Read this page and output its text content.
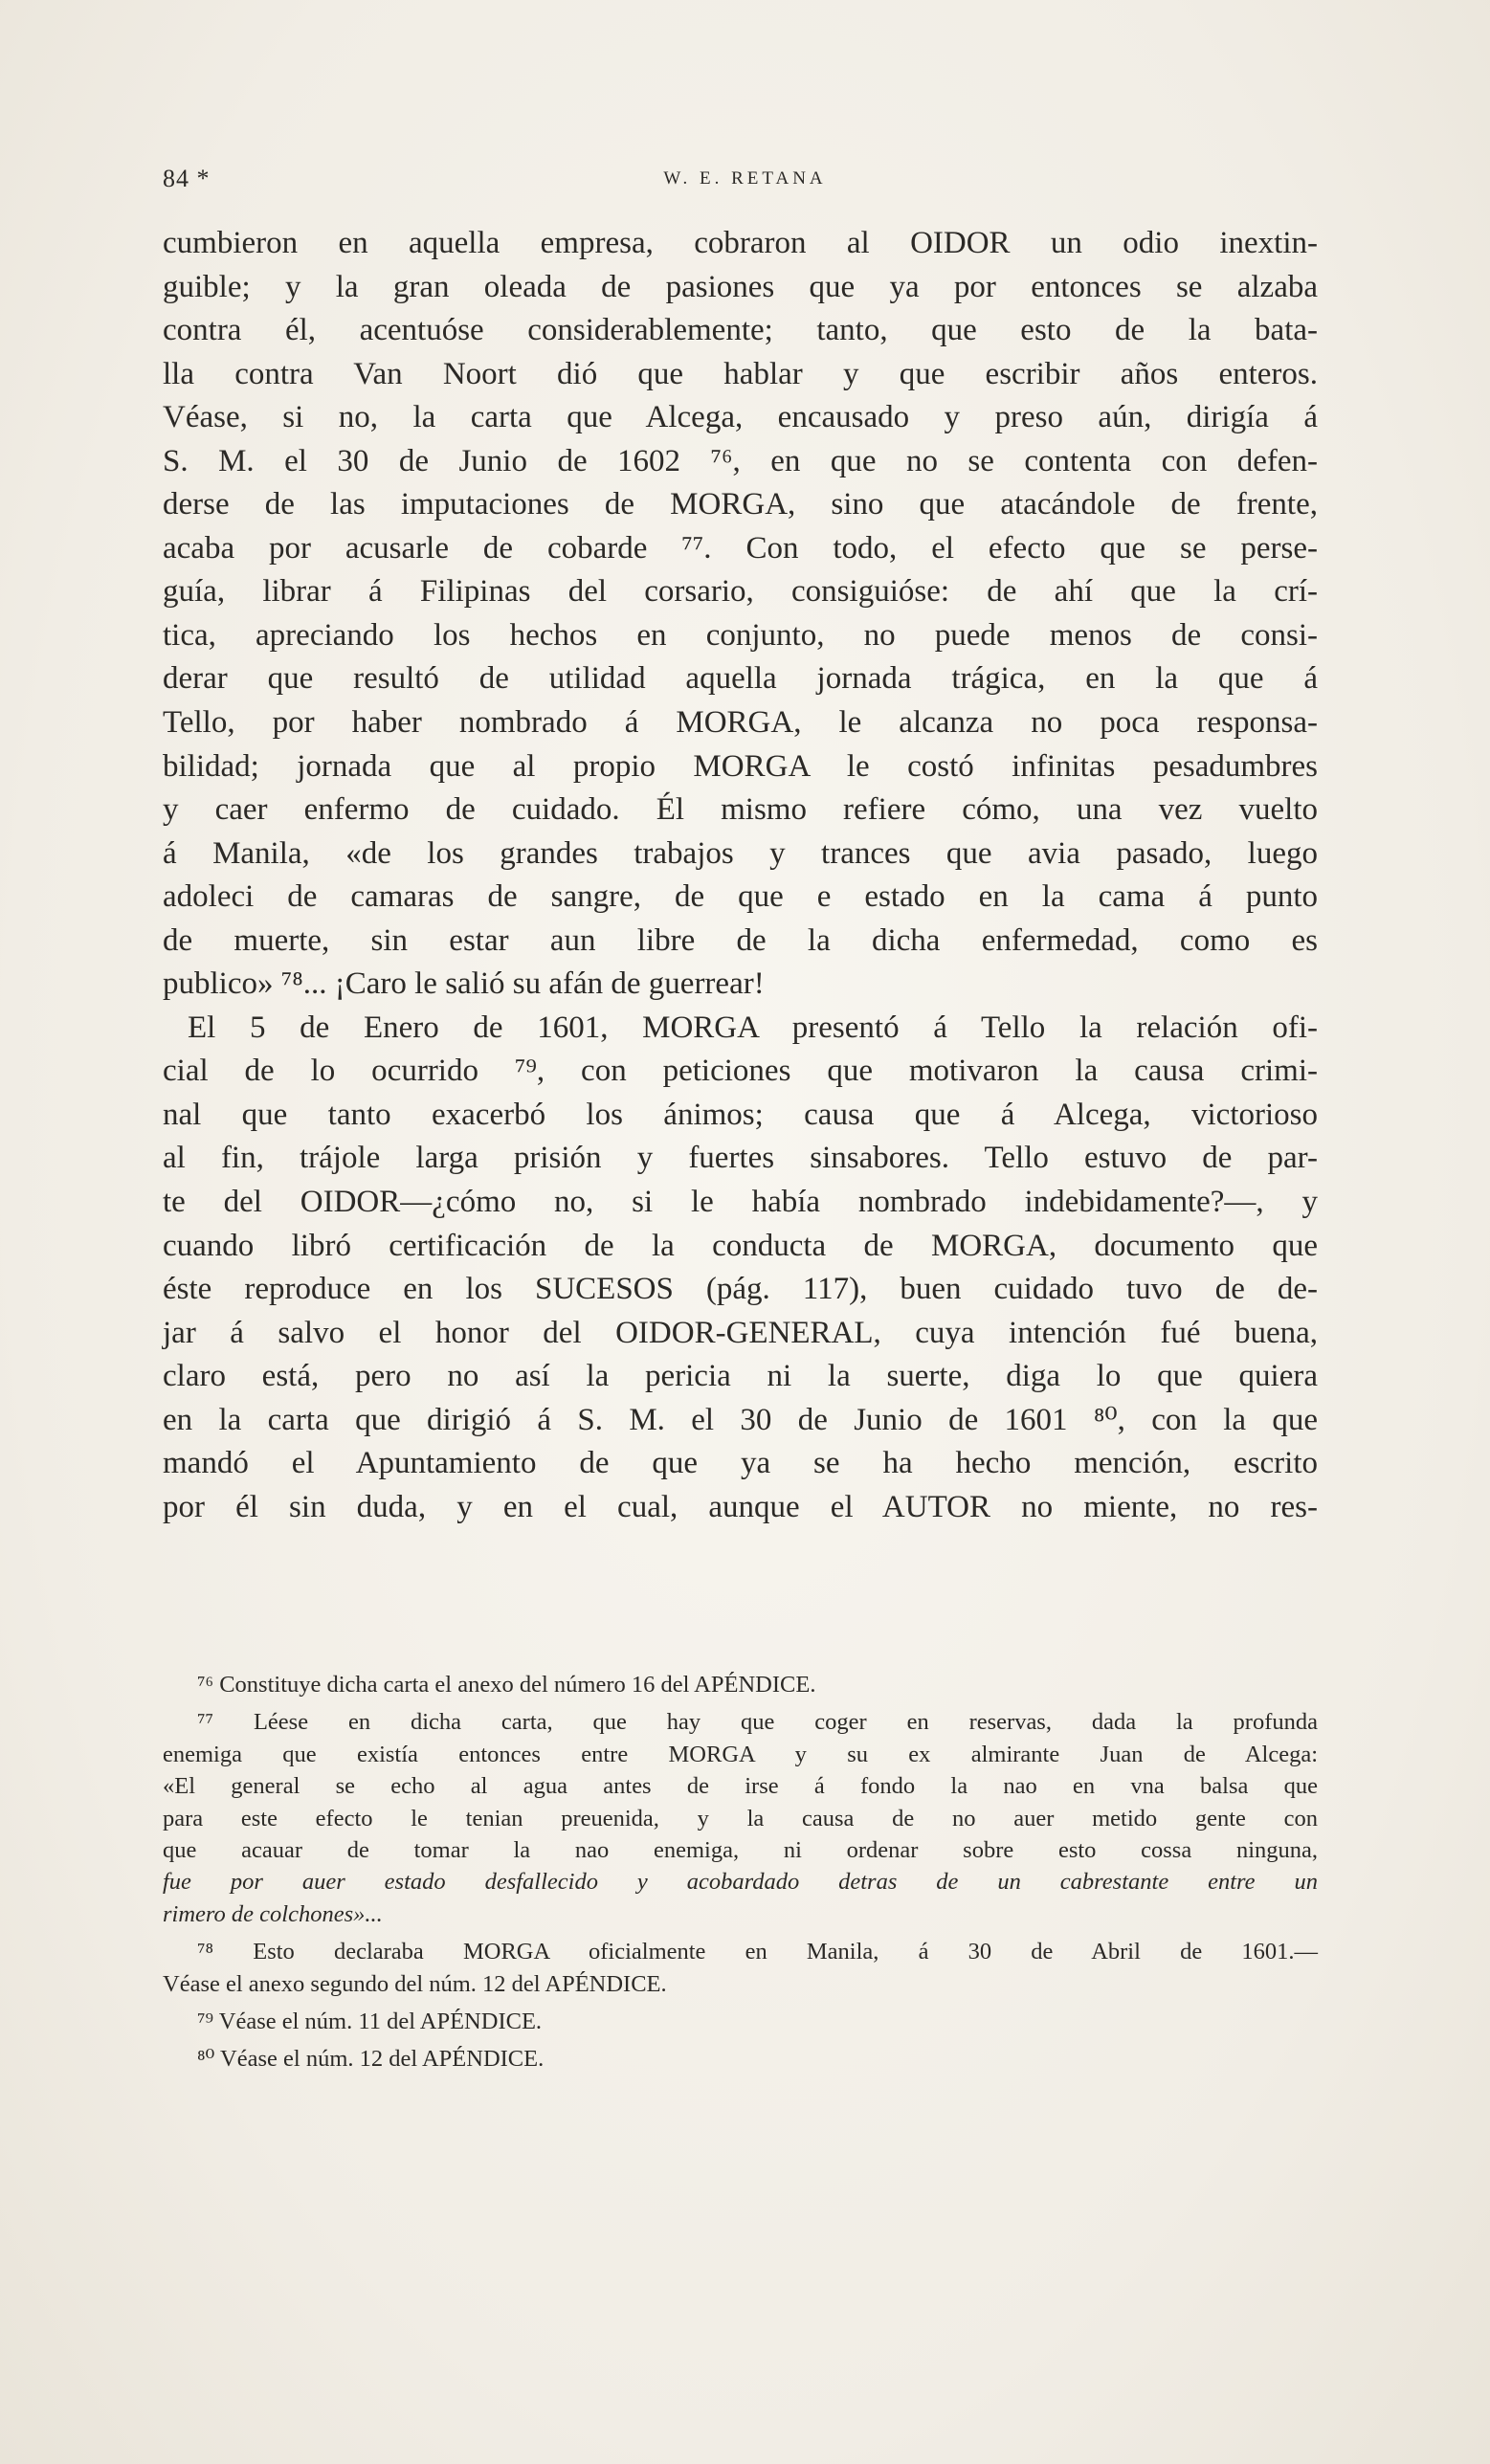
84 *	W. E. RETANA
cumbieron en aquella empresa, cobraron al OIDOR un odio inextin-
guible; y la gran oleada de pasiones que ya por entonces se alzaba
contra él, acentuóse considerablemente; tanto, que esto de la bata-
lla contra Van Noort dió que hablar y que escribir años enteros.
Véase, si no, la carta que Alcega, encausado y preso aún, dirigía á
S. M. el 30 de Junio de 1602 ⁷⁶, en que no se contenta con defen-
derse de las imputaciones de MORGA, sino que atacándole de frente,
acaba por acusarle de cobarde ⁷⁷. Con todo, el efecto que se perse-
guía, librar á Filipinas del corsario, consiguióse: de ahí que la crí-
tica, apreciando los hechos en conjunto, no puede menos de consi-
derar que resultó de utilidad aquella jornada trágica, en la que á
Tello, por haber nombrado á MORGA, le alcanza no poca responsa-
bilidad; jornada que al propio MORGA le costó infinitas pesadumbres
y caer enfermo de cuidado. Él mismo refiere cómo, una vez vuelto
á Manila, «de los grandes trabajos y trances que avia pasado, luego
adoleci de camaras de sangre, de que e estado en la cama á punto
de muerte, sin estar aun libre de la dicha enfermedad, como es
publico» ⁷⁸... ¡Caro le salió su afán de guerrear!
El 5 de Enero de 1601, MORGA presentó á Tello la relación ofi-
cial de lo ocurrido ⁷⁹, con peticiones que motivaron la causa crimi-
nal que tanto exacerbó los ánimos; causa que á Alcega, victorioso
al fin, trájole larga prisión y fuertes sinsabores. Tello estuvo de par-
te del OIDOR—¿cómo no, si le había nombrado indebidamente?—, y
cuando libró certificación de la conducta de MORGA, documento que
éste reproduce en los SUCESOS (pág. 117), buen cuidado tuvo de de-
jar á salvo el honor del OIDOR-GENERAL, cuya intención fué buena,
claro está, pero no así la pericia ni la suerte, diga lo que quiera
en la carta que dirigió á S. M. el 30 de Junio de 1601 ⁸⁰, con la que
mandó el Apuntamiento de que ya se ha hecho mención, escrito
por él sin duda, y en el cual, aunque el AUTOR no miente, no res-
⁷⁶ Constituye dicha carta el anexo del número 16 del APÉNDICE.
⁷⁷ Léese en dicha carta, que hay que coger en reservas, dada la profunda
enemiga que existía entonces entre MORGA y su ex almirante Juan de Alcega:
«El general se echo al agua antes de irse á fondo la nao en vna balsa que
para este efecto le tenian preuenida, y la causa de no auer metido gente con
que acauar de tomar la nao enemiga, ni ordenar sobre esto cossa ninguna,
fue por auer estado desfallecido y acobardado detras de un cabrestante entre un
rimero de colchones»...
⁷⁸ Esto declaraba MORGA oficialmente en Manila, á 30 de Abril de 1601.—
Véase el anexo segundo del núm. 12 del APÉNDICE.
⁷⁹ Véase el núm. 11 del APÉNDICE.
⁸⁰ Véase el núm. 12 del APÉNDICE.
